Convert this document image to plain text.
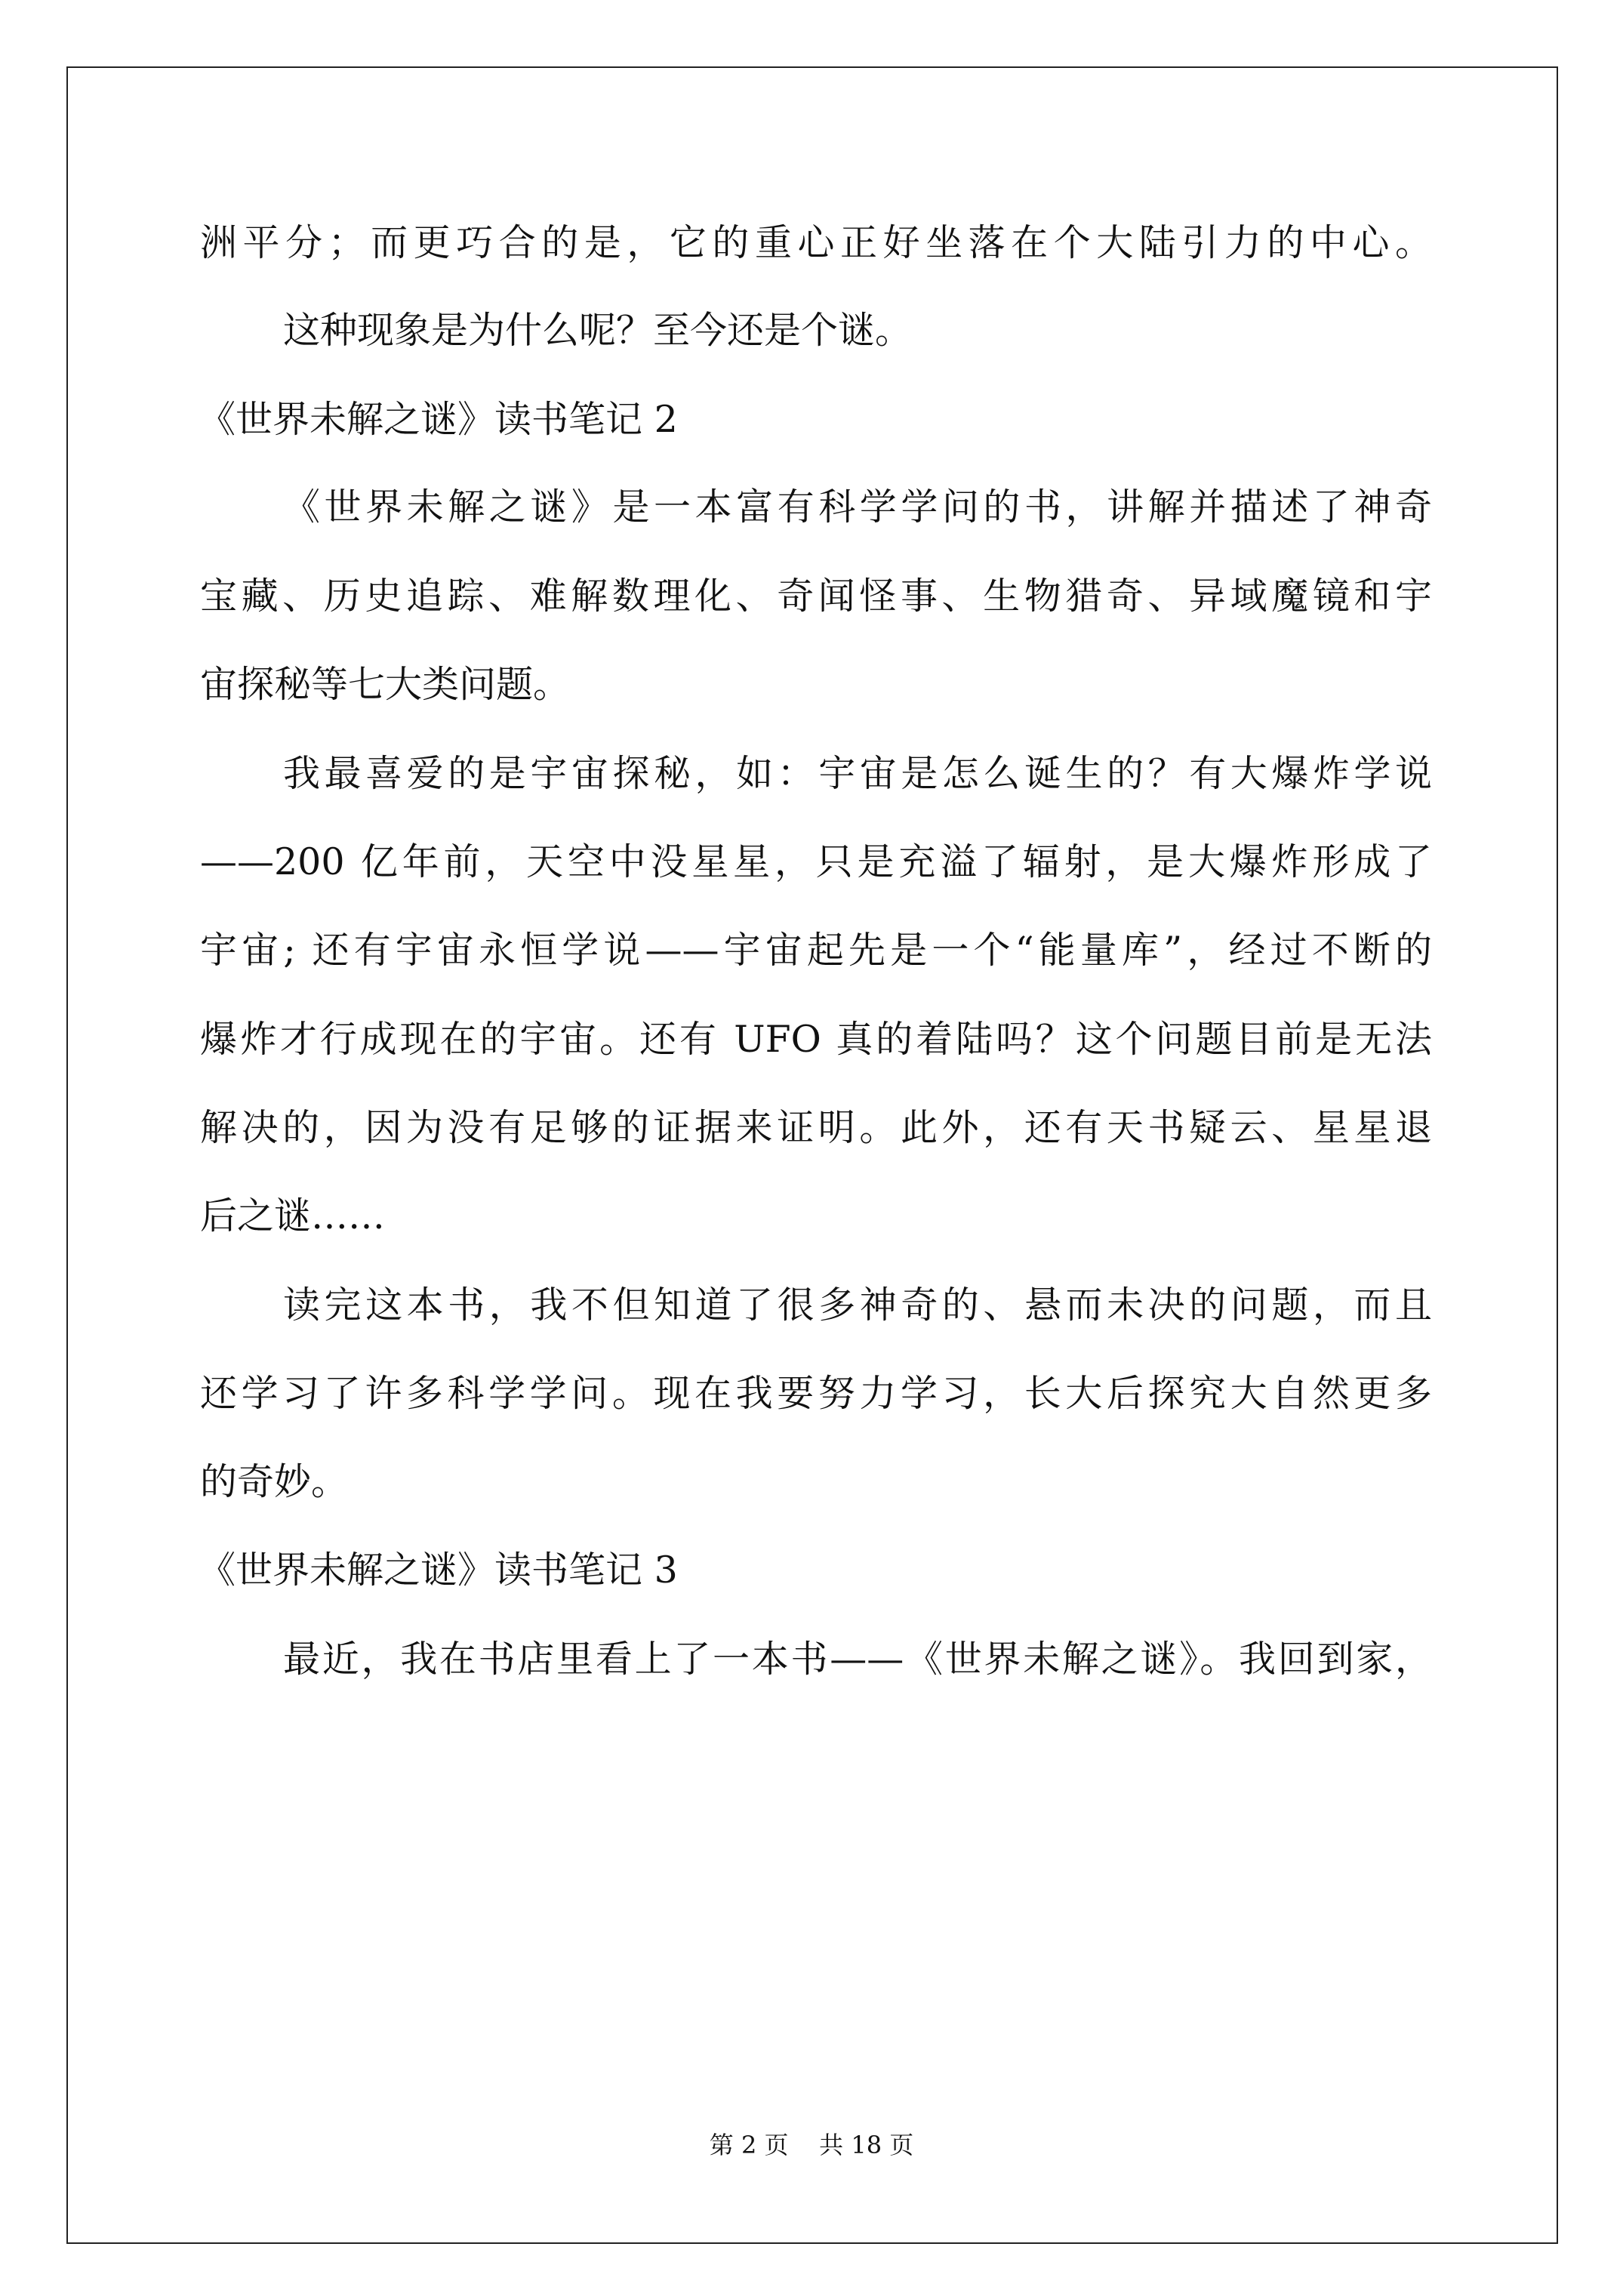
洲平分；而更巧合的是，它的重心正好坐落在个大陆引力的中心。
这种现象是为什么呢？至今还是个谜。
《世界未解之谜》读书笔记 2
《世界未解之谜》是一本富有科学学问的书，讲解并描述了神奇
宝藏、历史追踪、难解数理化、奇闻怪事、生物猎奇、异域魔镜和宇
宙探秘等七大类问题。
我最喜爱的是宇宙探秘，如：宇宙是怎么诞生的？有大爆炸学说
——200 亿年前，天空中没星星，只是充溢了辐射，是大爆炸形成了
宇宙; 还有宇宙永恒学说——宇宙起先是一个“能量库”，经过不断的
爆炸才行成现在的宇宙。还有 UFO 真的着陆吗？这个问题目前是无法
解决的，因为没有足够的证据来证明。此外，还有天书疑云、星星退
后之谜……
读完这本书，我不但知道了很多神奇的、悬而未决的问题，而且
还学习了许多科学学问。现在我要努力学习，长大后探究大自然更多
的奇妙。
《世界未解之谜》读书笔记 3
最近，我在书店里看上了一本书——《世界未解之谜》。我回到家，
第 2 页    共 18 页
